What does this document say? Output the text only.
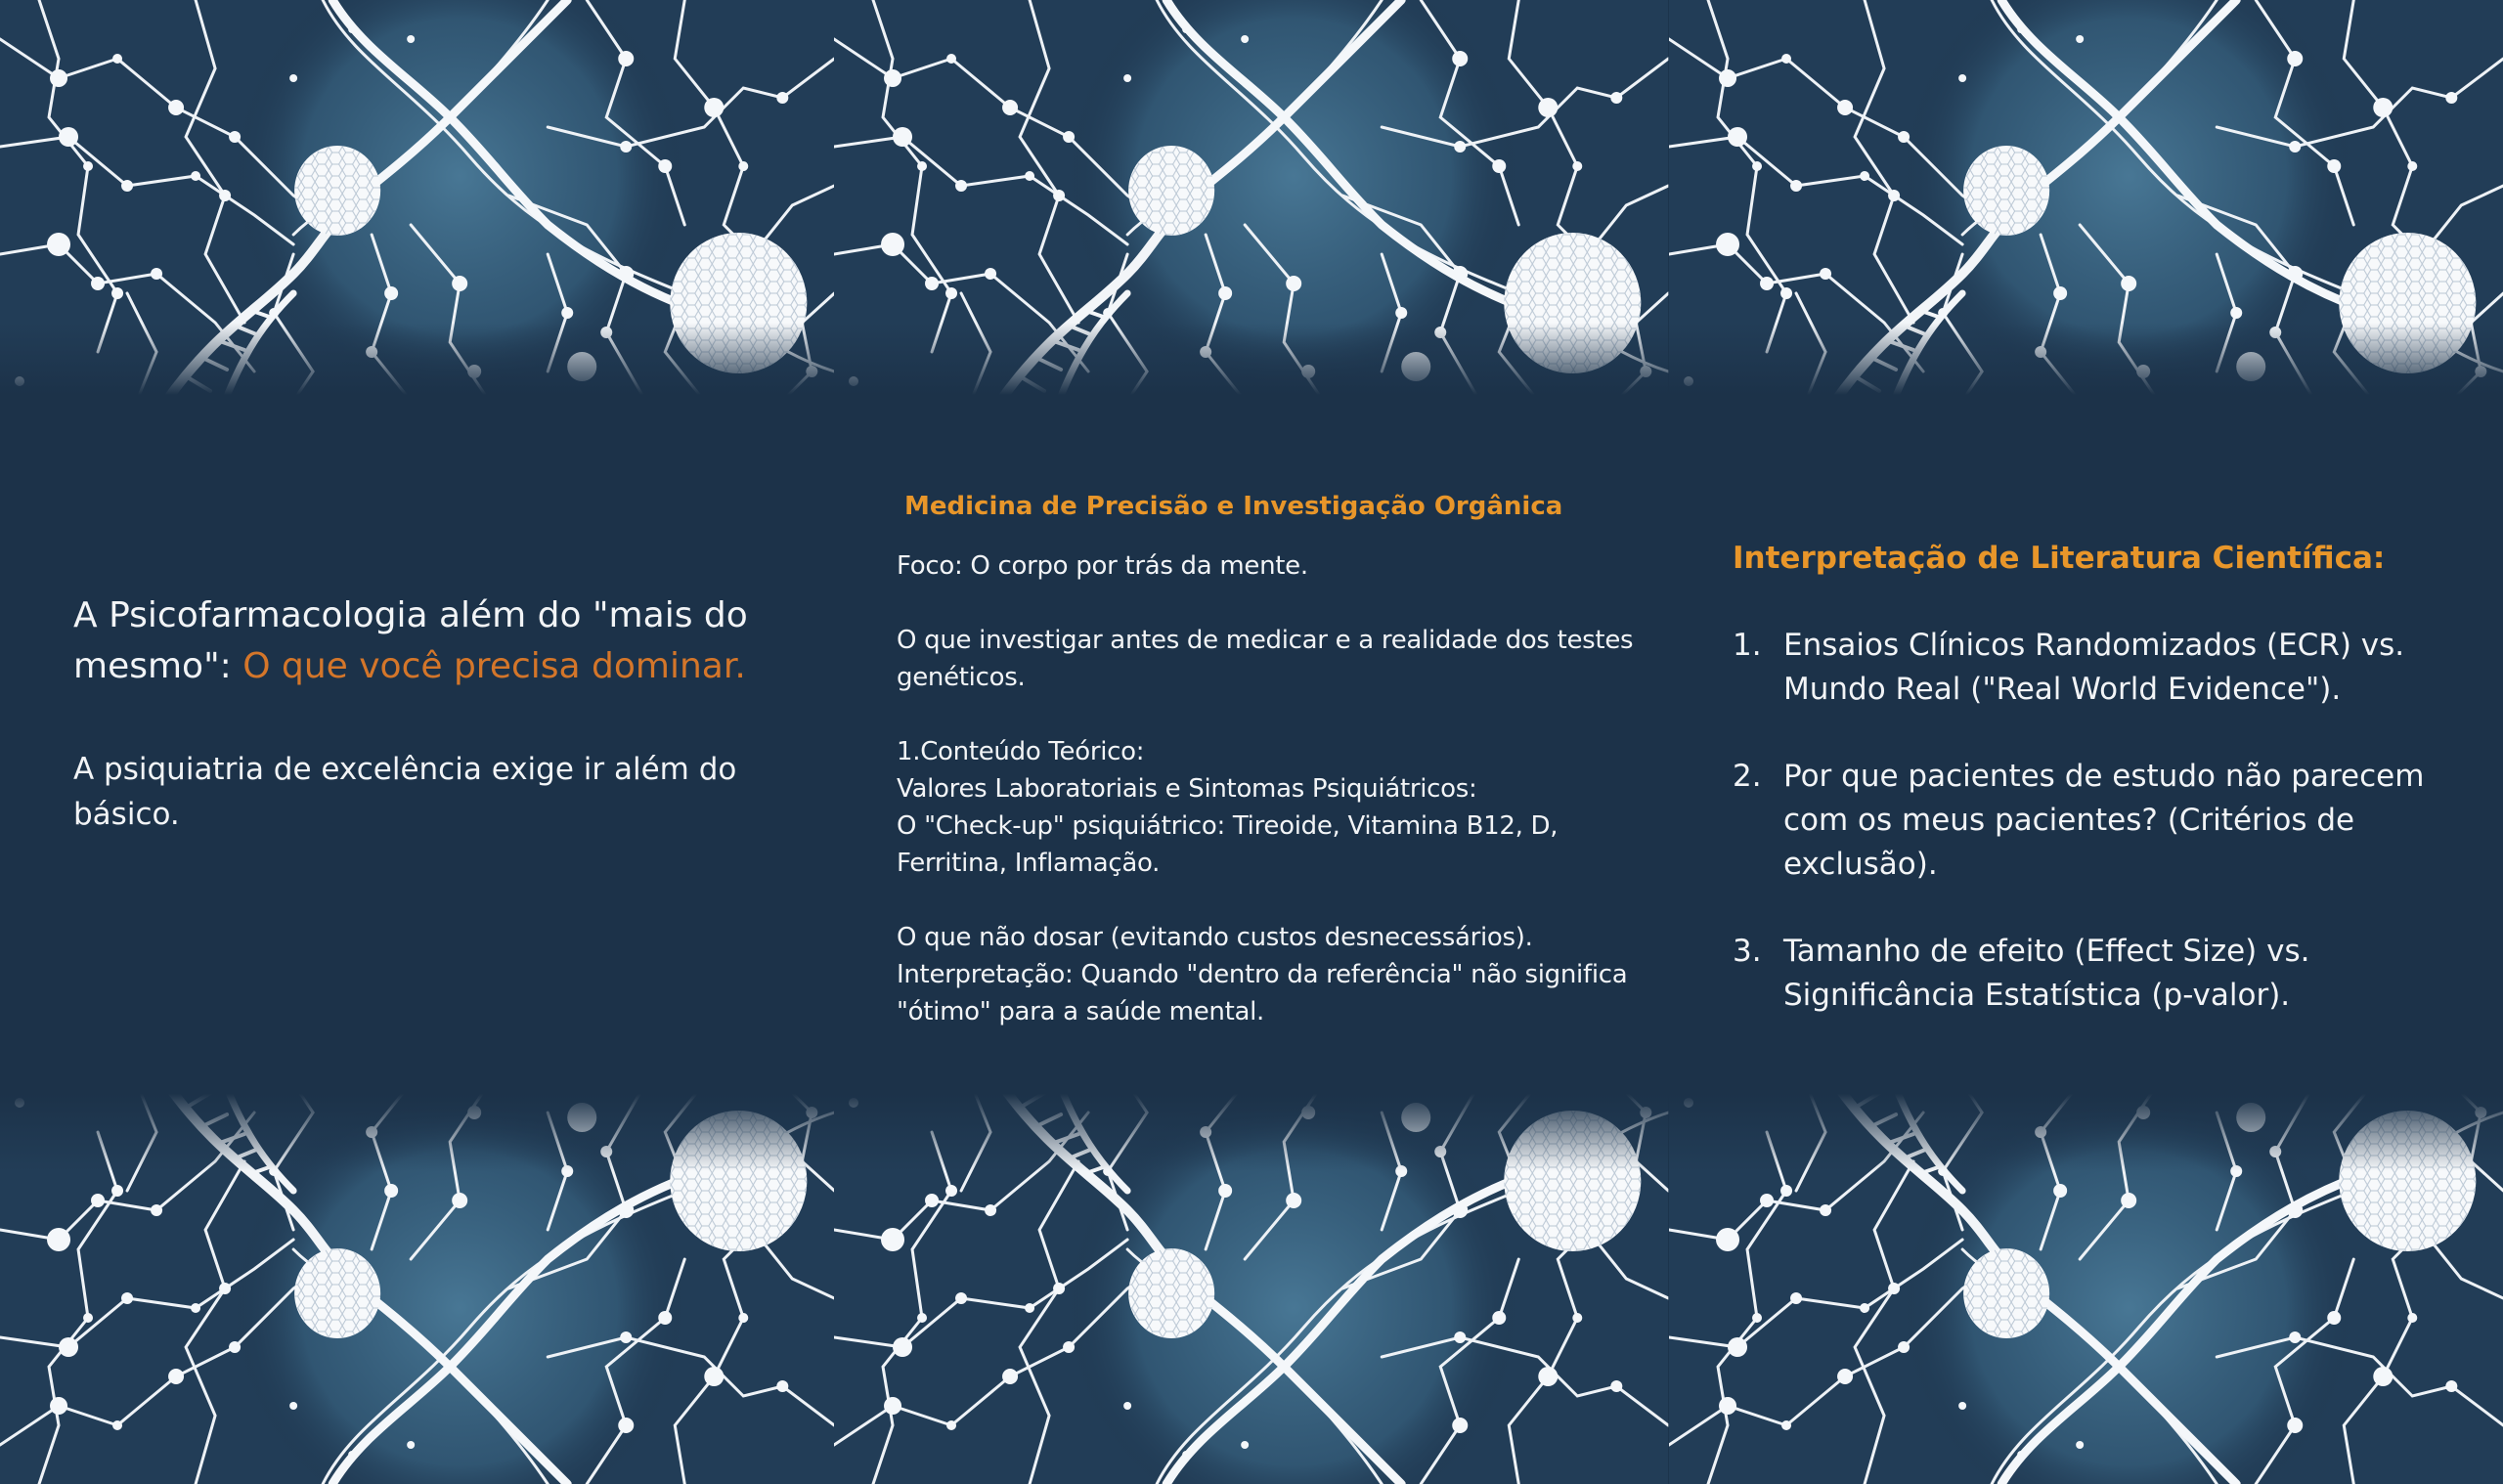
A Psicofarmacologia além do "mais do mesmo": O que você precisa dominar.

A psiquiatria de excelência exige ir além do básico.

Medicina de Precisão e Investigação Orgânica

Foco: O corpo por trás da mente.

O que investigar antes de medicar e a realidade dos testes genéticos.

1.Conteúdo Teórico:

Valores Laboratoriais e Sintomas Psiquiátricos:

O "Check-up" psiquiátrico: Tireoide, Vitamina B12, D, Ferritina, Inflamação.

O que não dosar (evitando custos desnecessários).

Interpretação: Quando "dentro da referência" não significa "ótimo" para a saúde mental.

Interpretação de Literatura Científica:
1. Ensaios Clínicos Randomizados (ECR) vs. Mundo Real ("Real World Evidence").
2. Por que pacientes de estudo não parecem com os meus pacientes? (Critérios de exclusão).
3. Tamanho de efeito (Effect Size) vs. Significância Estatística (p-valor).
